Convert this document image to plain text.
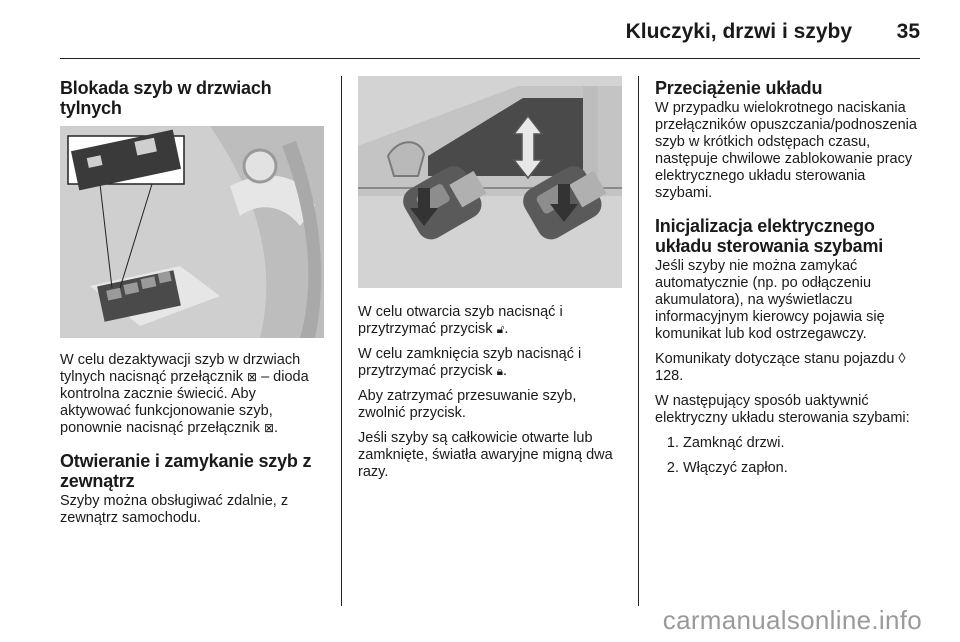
Kluczyki, drzwi i szyby 35
Blokada szyb w drzwiach tylnych

W celu dezaktywacji szyb w drzwiach tylnych nacisnąć przełącznik ⊠ – dioda kontrolna zacznie świecić. Aby aktywować funkcjonowanie szyb, ponownie nacisnąć przełącznik ⊠.

Otwieranie i zamykanie szyb z zewnątrz

Szyby można obsługiwać zdalnie, z zewnątrz samochodu.

W celu otwarcia szyb nacisnąć i przytrzymać przycisk 🔓︎.

W celu zamknięcia szyb nacisnąć i przytrzymać przycisk 🔒︎.

Aby zatrzymać przesuwanie szyb, zwolnić przycisk.

Jeśli szyby są całkowicie otwarte lub zamknięte, światła awaryjne migną dwa razy.

Przeciążenie układu

W przypadku wielokrotnego naciskania przełączników opuszczania/podnoszenia szyb w krótkich odstępach czasu, następuje chwilowe zablokowanie pracy elektrycznego układu sterowania szybami.

Inicjalizacja elektrycznego układu sterowania szybami

Jeśli szyby nie można zamykać automatycznie (np. po odłączeniu akumulatora), na wyświetlaczu informacyjnym kierowcy pojawia się komunikat lub kod ostrzegawczy.

Komunikaty dotyczące stanu pojazdu ◊ 128.

W następujący sposób uaktywnić elektryczny układu sterowania szybami:

1. Zamknąć drzwi.
2. Włączyć zapłon.
carmanualsonline.info
